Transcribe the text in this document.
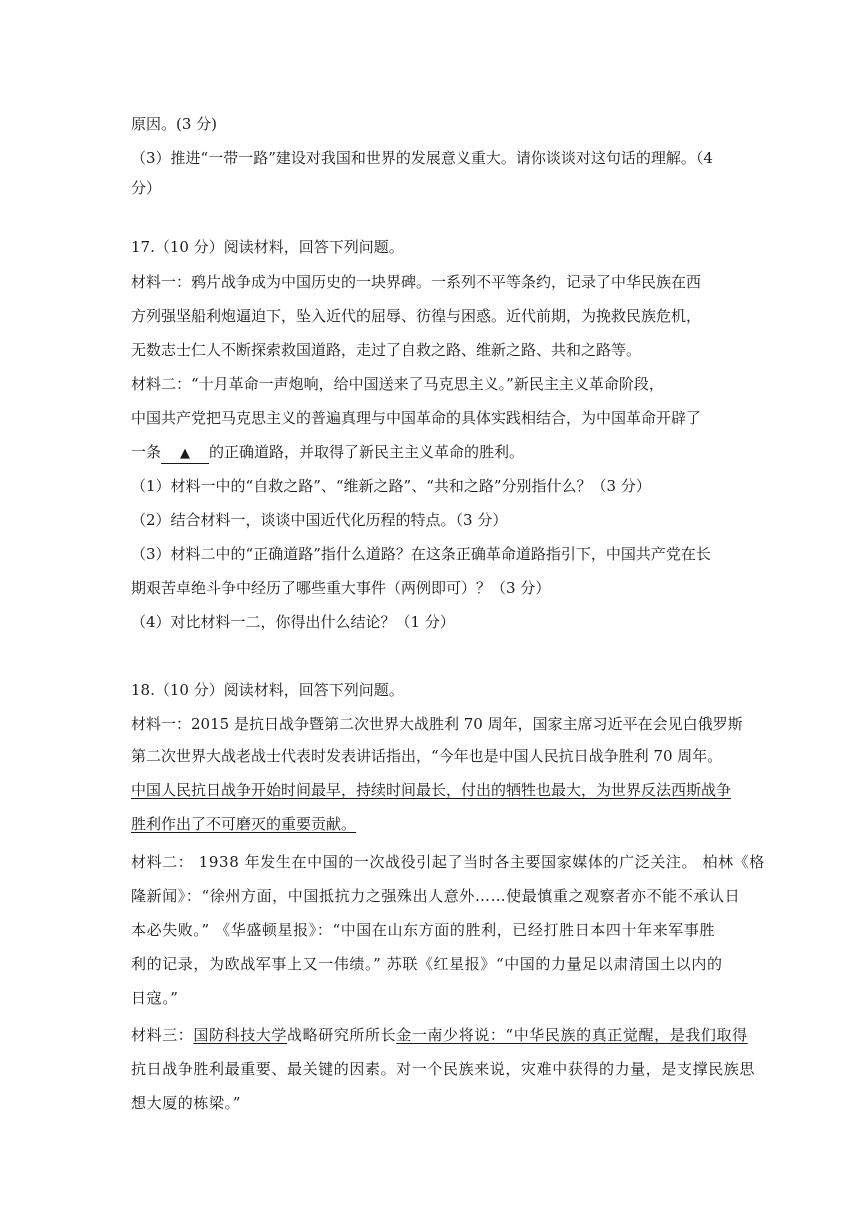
原因。(3 分)
（3）推进“一带一路”建设对我国和世界的发展意义重大。请你谈谈对这句话的理解。（4
分）
17.（10 分）阅读材料，回答下列问题。
材料一：鸦片战争成为中国历史的一块界碑。一系列不平等条约，记录了中华民族在西
方列强坚船利炮逼迫下，坠入近代的屈辱、彷徨与困惑。近代前期，为挽救民族危机，
无数志士仁人不断探索救国道路，走过了自救之路、维新之路、共和之路等。
材料二：“十月革命一声炮响，给中国送来了马克思主义。”新民主主义革命阶段，
中国共产党把马克思主义的普遍真理与中国革命的具体实践相结合，为中国革命开辟了
一条 ▲ 的正确道路，并取得了新民主主义革命的胜利。
（1）材料一中的“自救之路”、“维新之路”、“共和之路”分别指什么？（3 分）
（2）结合材料一，谈谈中国近代化历程的特点。（3 分）
（3）材料二中的“正确道路”指什么道路？在这条正确革命道路指引下，中国共产党在长
期艰苦卓绝斗争中经历了哪些重大事件（两例即可）？（3 分）
（4）对比材料一二，你得出什么结论？（1 分）
18.（10 分）阅读材料，回答下列问题。
材料一：2015 是抗日战争暨第二次世界大战胜利 70 周年，国家主席习近平在会见白俄罗斯
第二次世界大战老战士代表时发表讲话指出，“今年也是中国人民抗日战争胜利 70 周年。
中国人民抗日战争开始时间最早，持续时间最长，付出的牺牲也最大，为世界反法西斯战争
胜利作出了不可磨灭的重要贡献。
材料二： 1938 年发生在中国的一次战役引起了当时各主要国家媒体的广泛关注。 柏林《格
隆新闻》：“徐州方面，中国抵抗力之强殊出人意外……使最慎重之观察者亦不能不承认日
本必失败。” 《华盛顿星报》：“中国在山东方面的胜利，已经打胜日本四十年来军事胜
利的记录，为欧战军事上又一伟绩。” 苏联《红星报》“中国的力量足以肃清国土以内的
日寇。”
材料三：国防科技大学战略研究所所长金一南少将说：“中华民族的真正觉醒，是我们取得
抗日战争胜利最重要、最关键的因素。对一个民族来说，灾难中获得的力量，是支撑民族思
想大厦的栋梁。”
